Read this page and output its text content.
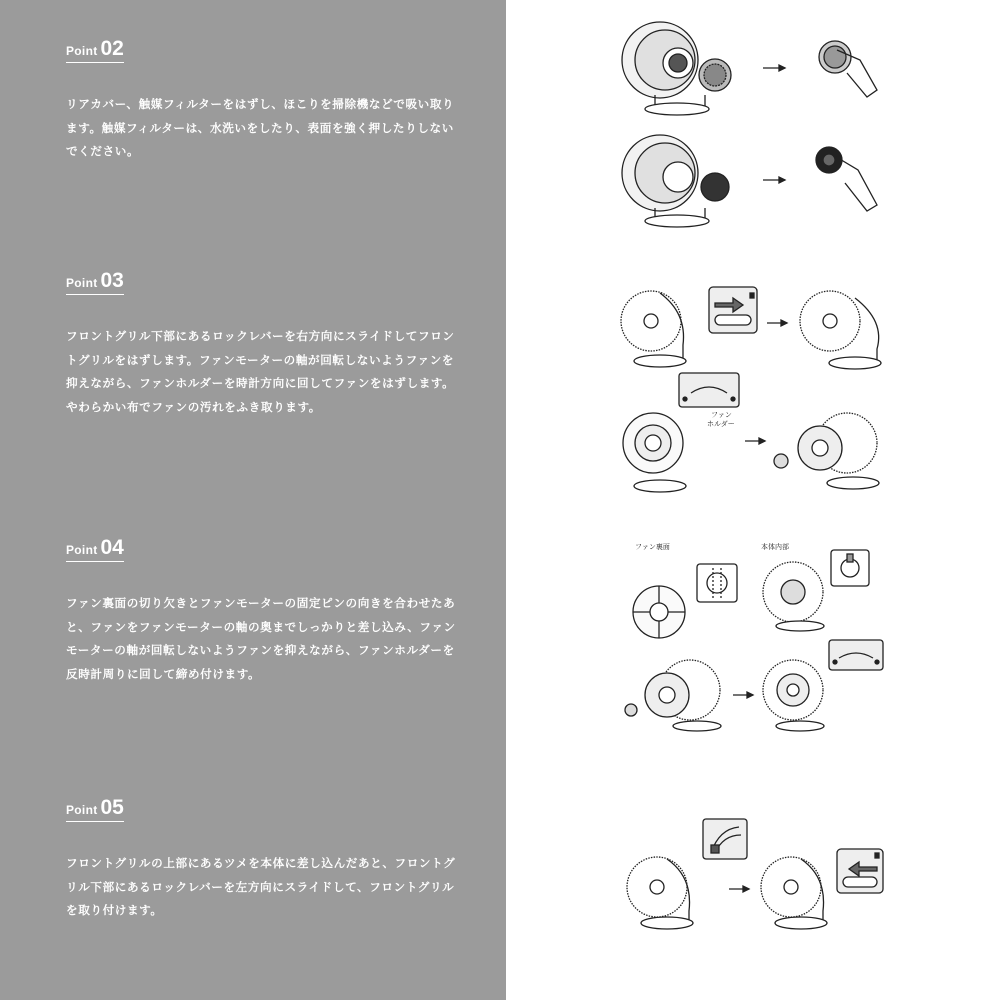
Point 02
リアカバー、触媒フィルターをはずし、ほこりを掃除機などで吸い取ります。触媒フィルターは、水洗いをしたり、表面を強く押したりしないでください。
Point 03
フロントグリル下部にあるロックレバーを右方向にスライドしてフロントグリルをはずします。ファンモーターの軸が回転しないようファンを抑えながら、ファンホルダーを時計方向に回してファンをはずします。やわらかい布でファンの汚れをふき取ります。
Point 04
ファン裏面の切り欠きとファンモーターの固定ピンの向きを合わせたあと、ファンをファンモーターの軸の奥までしっかりと差し込み、ファンモーターの軸が回転しないようファンを抑えながら、ファンホルダーを反時計周りに回して締め付けます。
Point 05
フロントグリルの上部にあるツメを本体に差し込んだあと、フロントグリル下部にあるロックレバーを左方向にスライドして、フロントグリルを取り付けます。
ファンホルダー
ファン裏面	本体内部
